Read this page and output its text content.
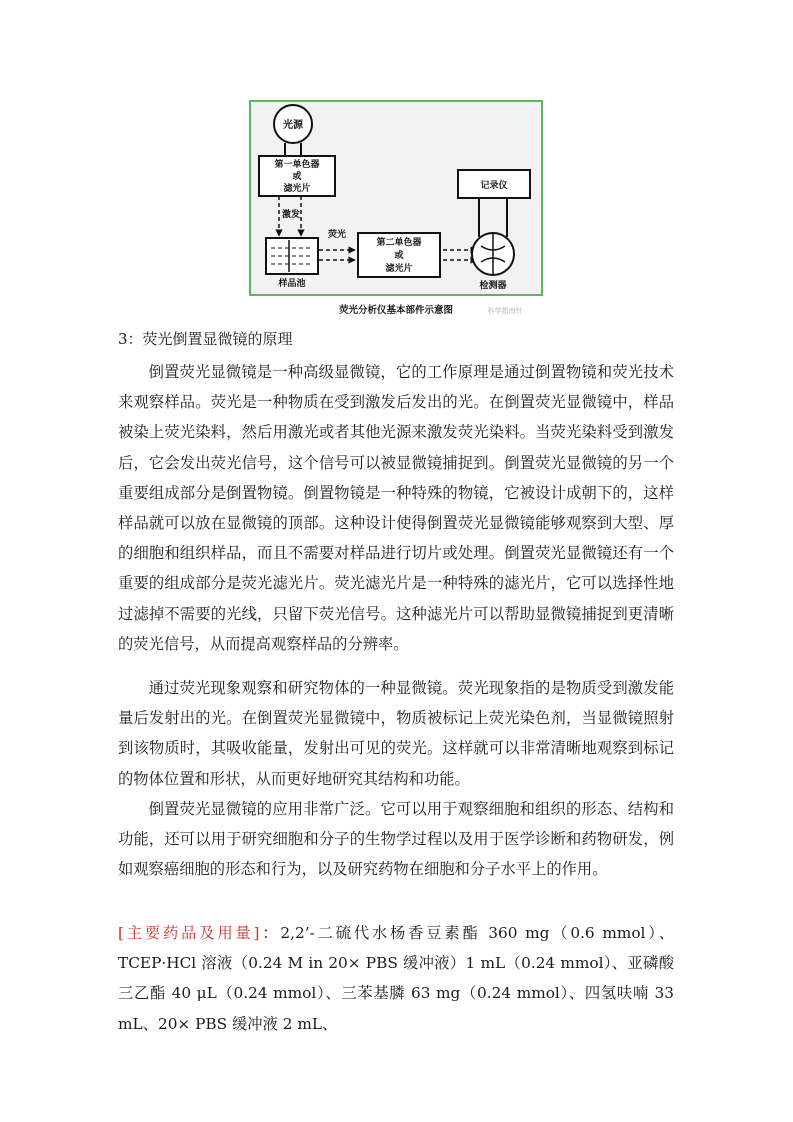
光源
第一单色器
或
滤光片
激发
样品池
荧光
第二单色器
或
滤光片
检测器
记录仪
荧光分析仪基本部件示意图	科学指南针
3：荧光倒置显微镜的原理

倒置荧光显微镜是一种高级显微镜，它的工作原理是通过倒置物镜和荧光技术来观察样品。荧光是一种物质在受到激发后发出的光。在倒置荧光显微镜中，样品被染上荧光染料，然后用激光或者其他光源来激发荧光染料。当荧光染料受到激发后，它会发出荧光信号，这个信号可以被显微镜捕捉到。倒置荧光显微镜的另一个重要组成部分是倒置物镜。倒置物镜是一种特殊的物镜，它被设计成朝下的，这样样品就可以放在显微镜的顶部。这种设计使得倒置荧光显微镜能够观察到大型、厚的细胞和组织样品，而且不需要对样品进行切片或处理。倒置荧光显微镜还有一个重要的组成部分是荧光滤光片。荧光滤光片是一种特殊的滤光片，它可以选择性地过滤掉不需要的光线，只留下荧光信号。这种滤光片可以帮助显微镜捕捉到更清晰的荧光信号，从而提高观察样品的分辨率。

通过荧光现象观察和研究物体的一种显微镜。荧光现象指的是物质受到激发能量后发射出的光。在倒置荧光显微镜中，物质被标记上荧光染色剂，当显微镜照射到该物质时，其吸收能量，发射出可见的荧光。这样就可以非常清晰地观察到标记的物体位置和形状，从而更好地研究其结构和功能。

倒置荧光显微镜的应用非常广泛。它可以用于观察细胞和组织的形态、结构和功能，还可以用于研究细胞和分子的生物学过程以及用于医学诊断和药物研发，例如观察癌细胞的形态和行为，以及研究药物在细胞和分子水平上的作用。

[主要药品及用量]：2,2’-二硫代水杨香豆素酯 360 mg（0.6 mmol）、TCEP·HCl 溶液（0.24 M in 20× PBS 缓冲液）1 mL（0.24 mmol）、亚磷酸三乙酯 40 μL（0.24 mmol）、三苯基膦 63 mg（0.24 mmol）、四氢呋喃 33 mL、20× PBS 缓冲液 2 mL、
